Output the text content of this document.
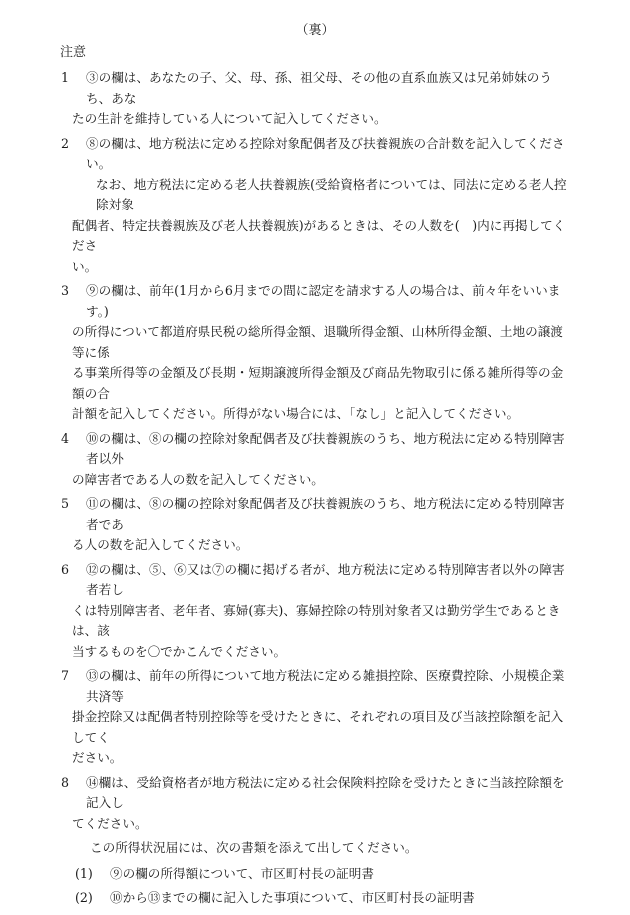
（裏）
注意
1	③の欄は、あなたの子、父、母、孫、祖父母、その他の直系血族又は兄弟姉妹のうち、あな
たの生計を維持している人について記入してください。
2	⑧の欄は、地方税法に定める控除対象配偶者及び扶養親族の合計数を記入してください。
なお、地方税法に定める老人扶養親族(受給資格者については、同法に定める老人控除対象
配偶者、特定扶養親族及び老人扶養親族)があるときは、その人数を(　)内に再掲してくださ
い。
3	⑨の欄は、前年(1月から6月までの間に認定を請求する人の場合は、前々年をいいます。)
の所得について都道府県民税の総所得金額、退職所得金額、山林所得金額、土地の譲渡等に係
る事業所得等の金額及び長期・短期譲渡所得金額及び商品先物取引に係る雑所得等の金額の合
計額を記入してください。所得がない場合には、「なし」と記入してください。
4	⑩の欄は、⑧の欄の控除対象配偶者及び扶養親族のうち、地方税法に定める特別障害者以外
の障害者である人の数を記入してください。
5	⑪の欄は、⑧の欄の控除対象配偶者及び扶養親族のうち、地方税法に定める特別障害者であ
る人の数を記入してください。
6	⑫の欄は、⑤、⑥又は⑦の欄に掲げる者が、地方税法に定める特別障害者以外の障害者若し
くは特別障害者、老年者、寡婦(寡夫)、寡婦控除の特別対象者又は勤労学生であるときは、該
当するものを〇でかこんでください。
7	⑬の欄は、前年の所得について地方税法に定める雑損控除、医療費控除、小規模企業共済等
掛金控除又は配偶者特別控除等を受けたときに、それぞれの項目及び当該控除額を記入してく
ださい。
8	⑭欄は、受給資格者が地方税法に定める社会保険料控除を受けたときに当該控除額を記入し
てください。
この所得状況届には、次の書類を添えて出してください。
(1)	⑨の欄の所得額について、市区町村長の証明書
(2)	⑩から⑬までの欄に記入した事項について、市区町村長の証明書
